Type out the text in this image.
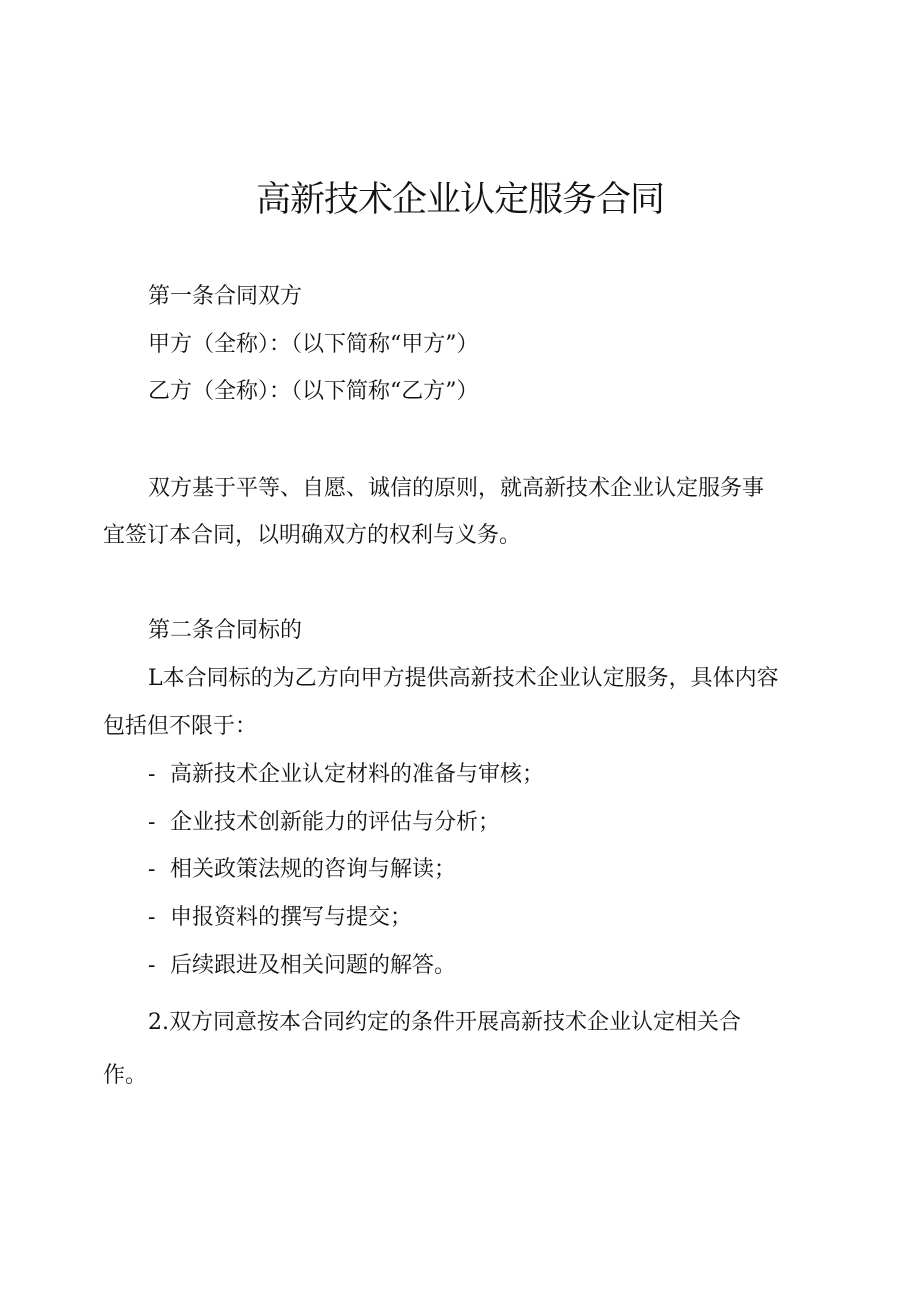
高新技术企业认定服务合同
第一条合同双方
甲方（全称）：（以下简称“甲方”）
乙方（全称）：（以下简称“乙方”）
双方基于平等、自愿、诚信的原则，就高新技术企业认定服务事
宜签订本合同，以明确双方的权利与义务。
第二条合同标的
L本合同标的为乙方向甲方提供高新技术企业认定服务，具体内容
包括但不限于：
- 高新技术企业认定材料的准备与审核；
- 企业技术创新能力的评估与分析；
- 相关政策法规的咨询与解读；
- 申报资料的撰写与提交；
- 后续跟进及相关问题的解答。
2.双方同意按本合同约定的条件开展高新技术企业认定相关合
作。
